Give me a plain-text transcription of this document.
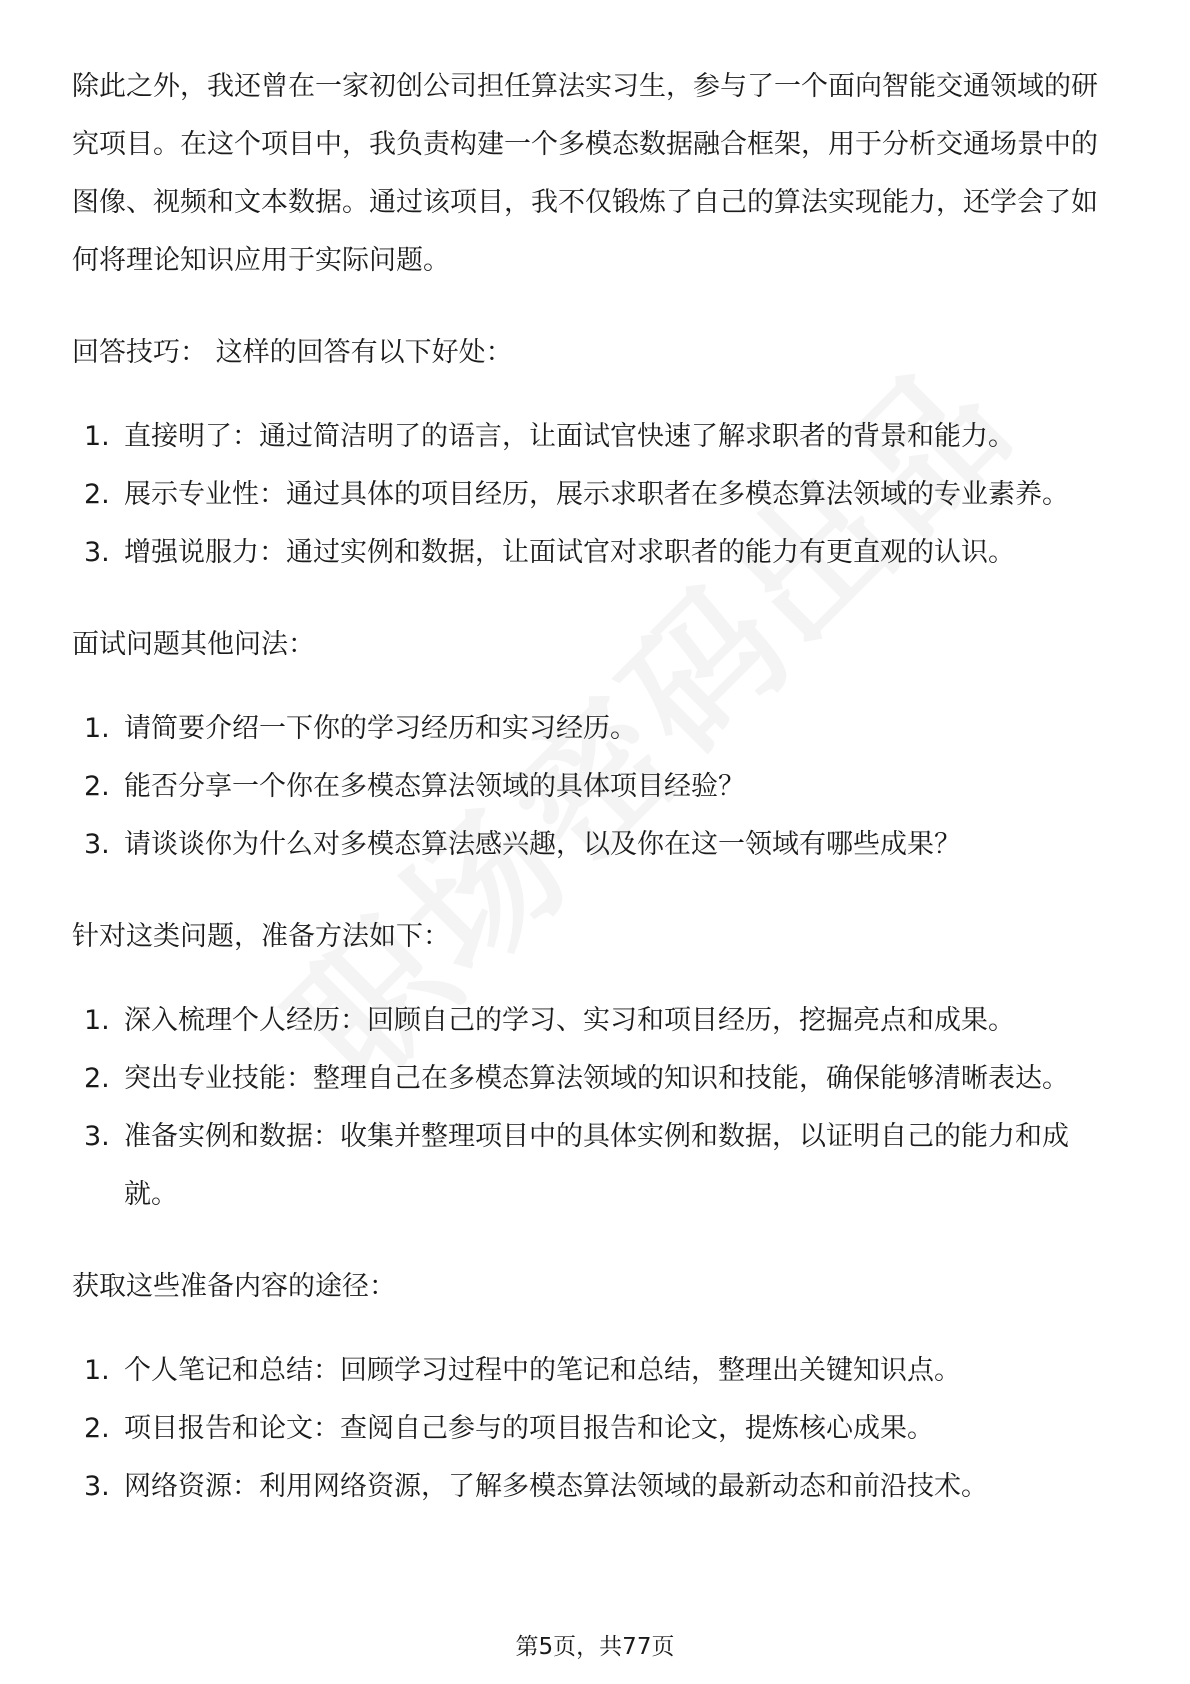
除此之外，我还曾在一家初创公司担任算法实习生，参与了一个面向智能交通领域的研究项目。在这个项目中，我负责构建一个多模态数据融合框架，用于分析交通场景中的图像、视频和文本数据。通过该项目，我不仅锻炼了自己的算法实现能力，还学会了如何将理论知识应用于实际问题。

回答技巧： 这样的回答有以下好处：

1. 直接明了：通过简洁明了的语言，让面试官快速了解求职者的背景和能力。
2. 展示专业性：通过具体的项目经历，展示求职者在多模态算法领域的专业素养。
3. 增强说服力：通过实例和数据，让面试官对求职者的能力有更直观的认识。

面试问题其他问法：

1. 请简要介绍一下你的学习经历和实习经历。
2. 能否分享一个你在多模态算法领域的具体项目经验？
3. 请谈谈你为什么对多模态算法感兴趣，以及你在这一领域有哪些成果？

针对这类问题，准备方法如下：

1. 深入梳理个人经历：回顾自己的学习、实习和项目经历，挖掘亮点和成果。
2. 突出专业技能：整理自己在多模态算法领域的知识和技能，确保能够清晰表达。
3. 准备实例和数据：收集并整理项目中的具体实例和数据，以证明自己的能力和成就。

获取这些准备内容的途径：

1. 个人笔记和总结：回顾学习过程中的笔记和总结，整理出关键知识点。
2. 项目报告和论文：查阅自己参与的项目报告和论文，提炼核心成果。
3. 网络资源：利用网络资源，了解多模态算法领域的最新动态和前沿技术。
第5页，共77页
